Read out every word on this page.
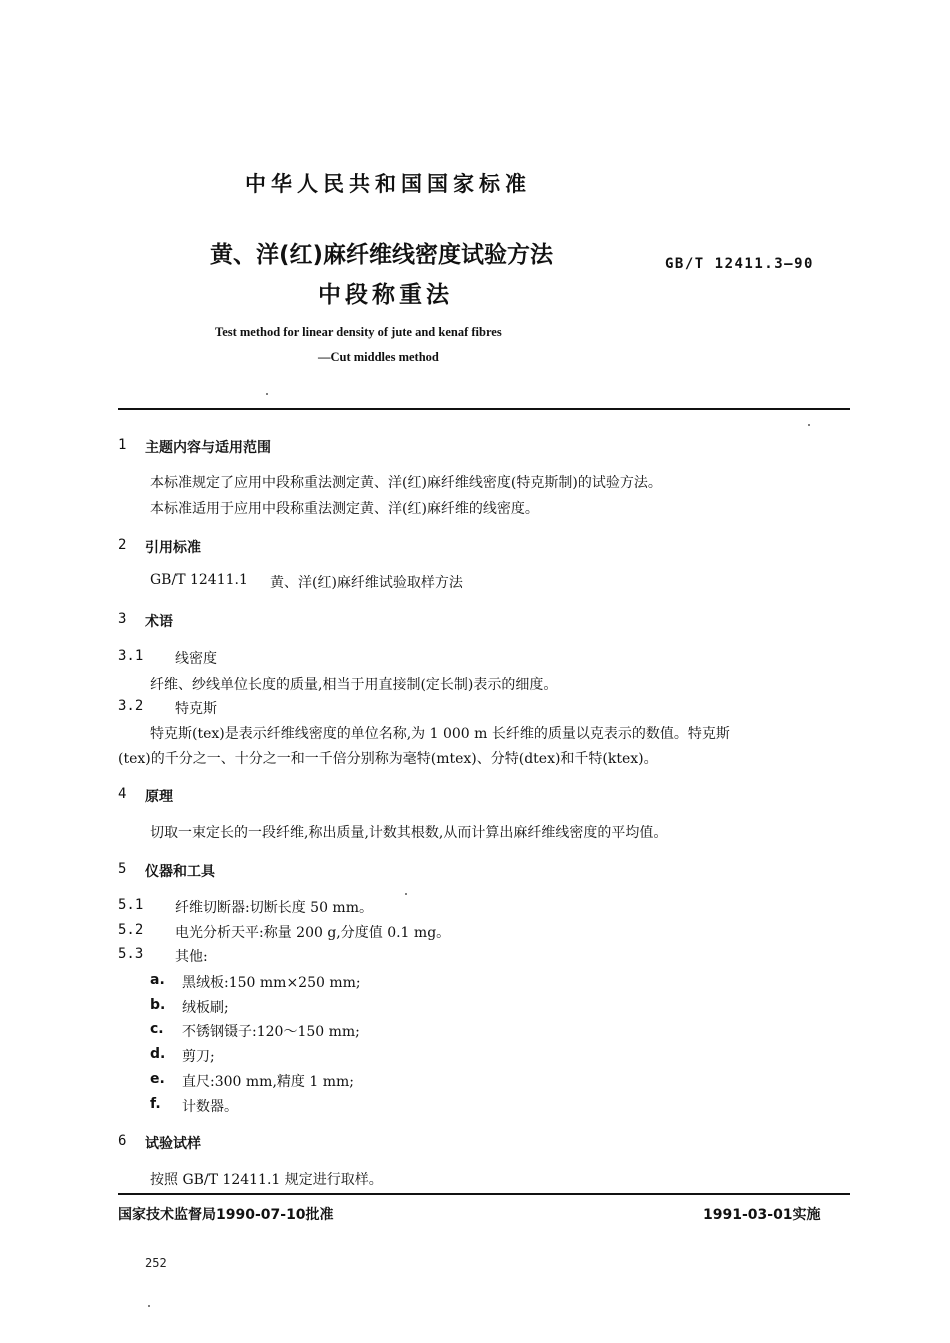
中华人民共和国国家标准
黄、洋(红)麻纤维线密度试验方法
中段称重法
GB/T 12411.3—90
Test method for linear density of jute and kenaf fibres
—Cut middles method
1 主题内容与适用范围
本标准规定了应用中段称重法测定黄、洋(红)麻纤维线密度(特克斯制)的试验方法。
本标准适用于应用中段称重法测定黄、洋(红)麻纤维的线密度。
2 引用标准
GB/T 12411.1 黄、洋(红)麻纤维试验取样方法
3 术语
3.1 线密度
纤维、纱线单位长度的质量,相当于用直接制(定长制)表示的细度。
3.2 特克斯
特克斯(tex)是表示纤维线密度的单位名称,为 1 000 m 长纤维的质量以克表示的数值。特克斯
(tex)的千分之一、十分之一和一千倍分别称为毫特(mtex)、分特(dtex)和千特(ktex)。
4 原理
切取一束定长的一段纤维,称出质量,计数其根数,从而计算出麻纤维线密度的平均值。
5 仪器和工具
5.1 纤维切断器:切断长度 50 mm。
5.2 电光分析天平:称量 200 g,分度值 0.1 mg。
5.3 其他:
a. 黑绒板:150 mm×250 mm;
b. 绒板刷;
c. 不锈钢镊子:120～150 mm;
d. 剪刀;
e. 直尺:300 mm,精度 1 mm;
f. 计数器。
6 试验试样
按照 GB/T 12411.1 规定进行取样。
国家技术监督局1990-07-10批准	1991-03-01实施
252
